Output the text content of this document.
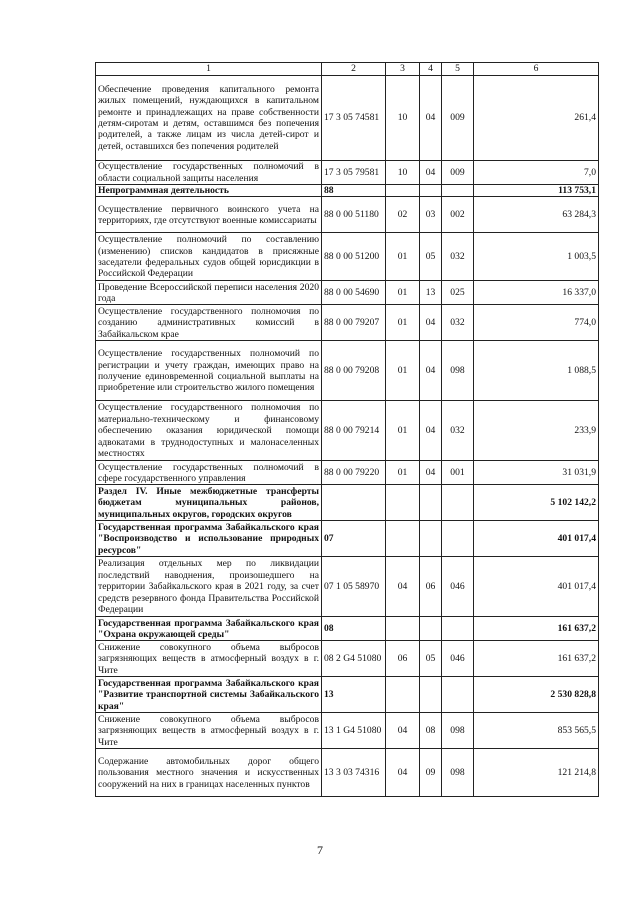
1	2	3	4	5	6
Обеспечение проведения капитального ремонта жилых помещений, нуждающихся в капитальном ремонте и принадлежащих на праве собственности детям-сиротам и детям, оставшимся без попечения родителей, а также лицам из числа детей-сирот и детей, оставшихся без попечения родителей	17 3 05 74581	10	04	009	261,4
Осуществление государственных полномочий в области социальной защиты населения	17 3 05 79581	10	04	009	7,0
Непрограммная деятельность	88				113 753,1
Осуществление первичного воинского учета на территориях, где отсутствуют военные комиссариаты	88 0 00 51180	02	03	002	63 284,3
Осуществление полномочий по составлению (изменению) списков кандидатов в присяжные заседатели федеральных судов общей юрисдикции в Российской Федерации	88 0 00 51200	01	05	032	1 003,5
Проведение Всероссийской переписи населения 2020 года	88 0 00 54690	01	13	025	16 337,0
Осуществление государственного полномочия по созданию административных комиссий в Забайкальском крае	88 0 00 79207	01	04	032	774,0
Осуществление государственных полномочий по регистрации и учету граждан, имеющих право на получение единовременной социальной выплаты на приобретение или строительство жилого помещения	88 0 00 79208	01	04	098	1 088,5
Осуществление государственного полномочия по материально-техническому и финансовому обеспечению оказания юридической помощи адвокатами в труднодоступных и малонаселенных местностях	88 0 00 79214	01	04	032	233,9
Осуществление государственных полномочий в сфере государственного управления	88 0 00 79220	01	04	001	31 031,9
Раздел IV. Иные межбюджетные трансферты бюджетам муниципальных районов, муниципальных округов, городских округов					5 102 142,2
Государственная программа Забайкальского края "Воспроизводство и использование природных ресурсов"	07				401 017,4
Реализация отдельных мер по ликвидации последствий наводнения, произошедшего на территории Забайкальского края в 2021 году, за счет средств резервного фонда Правительства Российской Федерации	07 1 05 58970	04	06	046	401 017,4
Государственная программа Забайкальского края "Охрана окружающей среды"	08				161 637,2
Снижение совокупного объема выбросов загрязняющих веществ в атмосферный воздух в г. Чите	08 2 G4 51080	06	05	046	161 637,2
Государственная программа Забайкальского края "Развитие транспортной системы Забайкальского края"	13				2 530 828,8
Снижение совокупного объема выбросов загрязняющих веществ в атмосферный воздух в г. Чите	13 1 G4 51080	04	08	098	853 565,5
Содержание автомобильных дорог общего пользования местного значения и искусственных сооружений на них в границах населенных пунктов	13 3 03 74316	04	09	098	121 214,8
7
